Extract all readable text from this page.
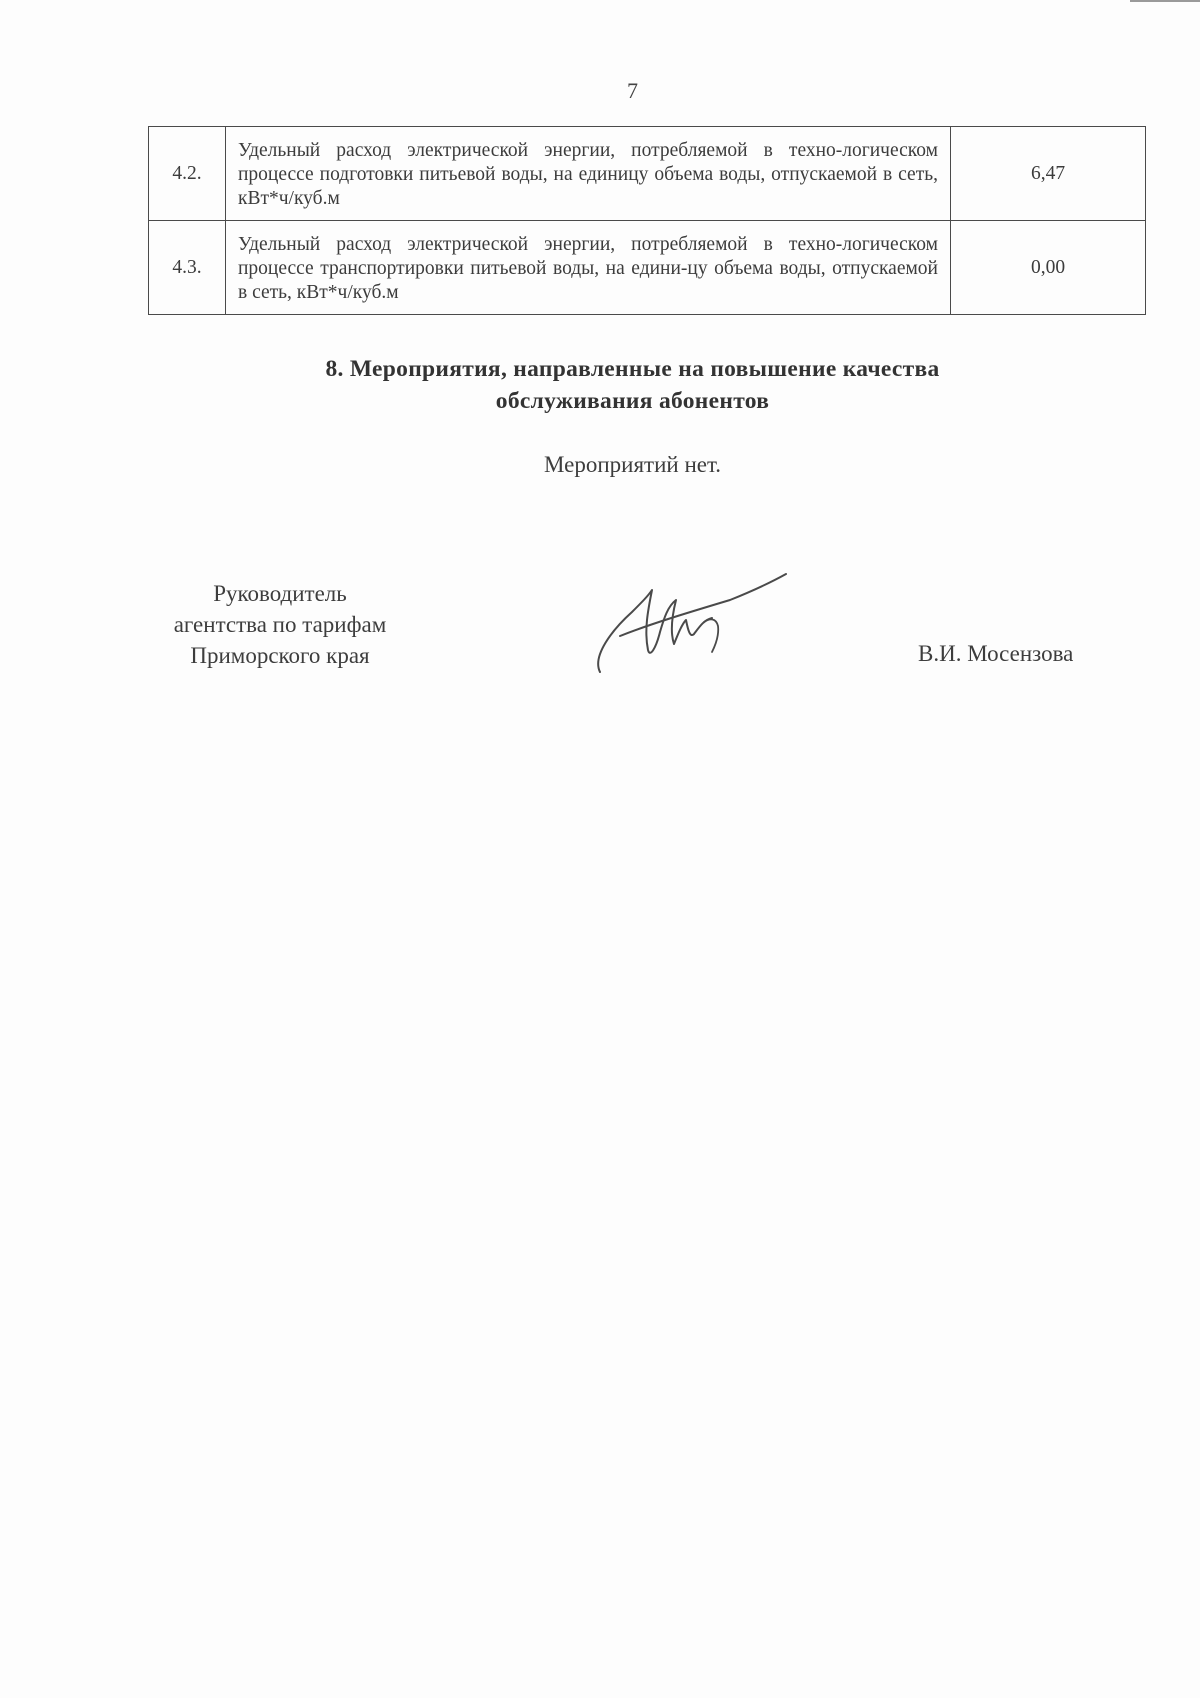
7
4.2.	Удельный расход электрической энергии, потребляемой в техно-логическом процессе подготовки питьевой воды, на единицу объема воды, отпускаемой в сеть, кВт*ч/куб.м	6,47
4.3.	Удельный расход электрической энергии, потребляемой в техно-логическом процессе транспортировки питьевой воды, на едини-цу объема воды, отпускаемой в сеть, кВт*ч/куб.м	0,00
8. Мероприятия, направленные на повышение качества
обслуживания абонентов
Мероприятий нет.
Руководитель
агентства по тарифам
Приморского края	В.И. Мосензова
